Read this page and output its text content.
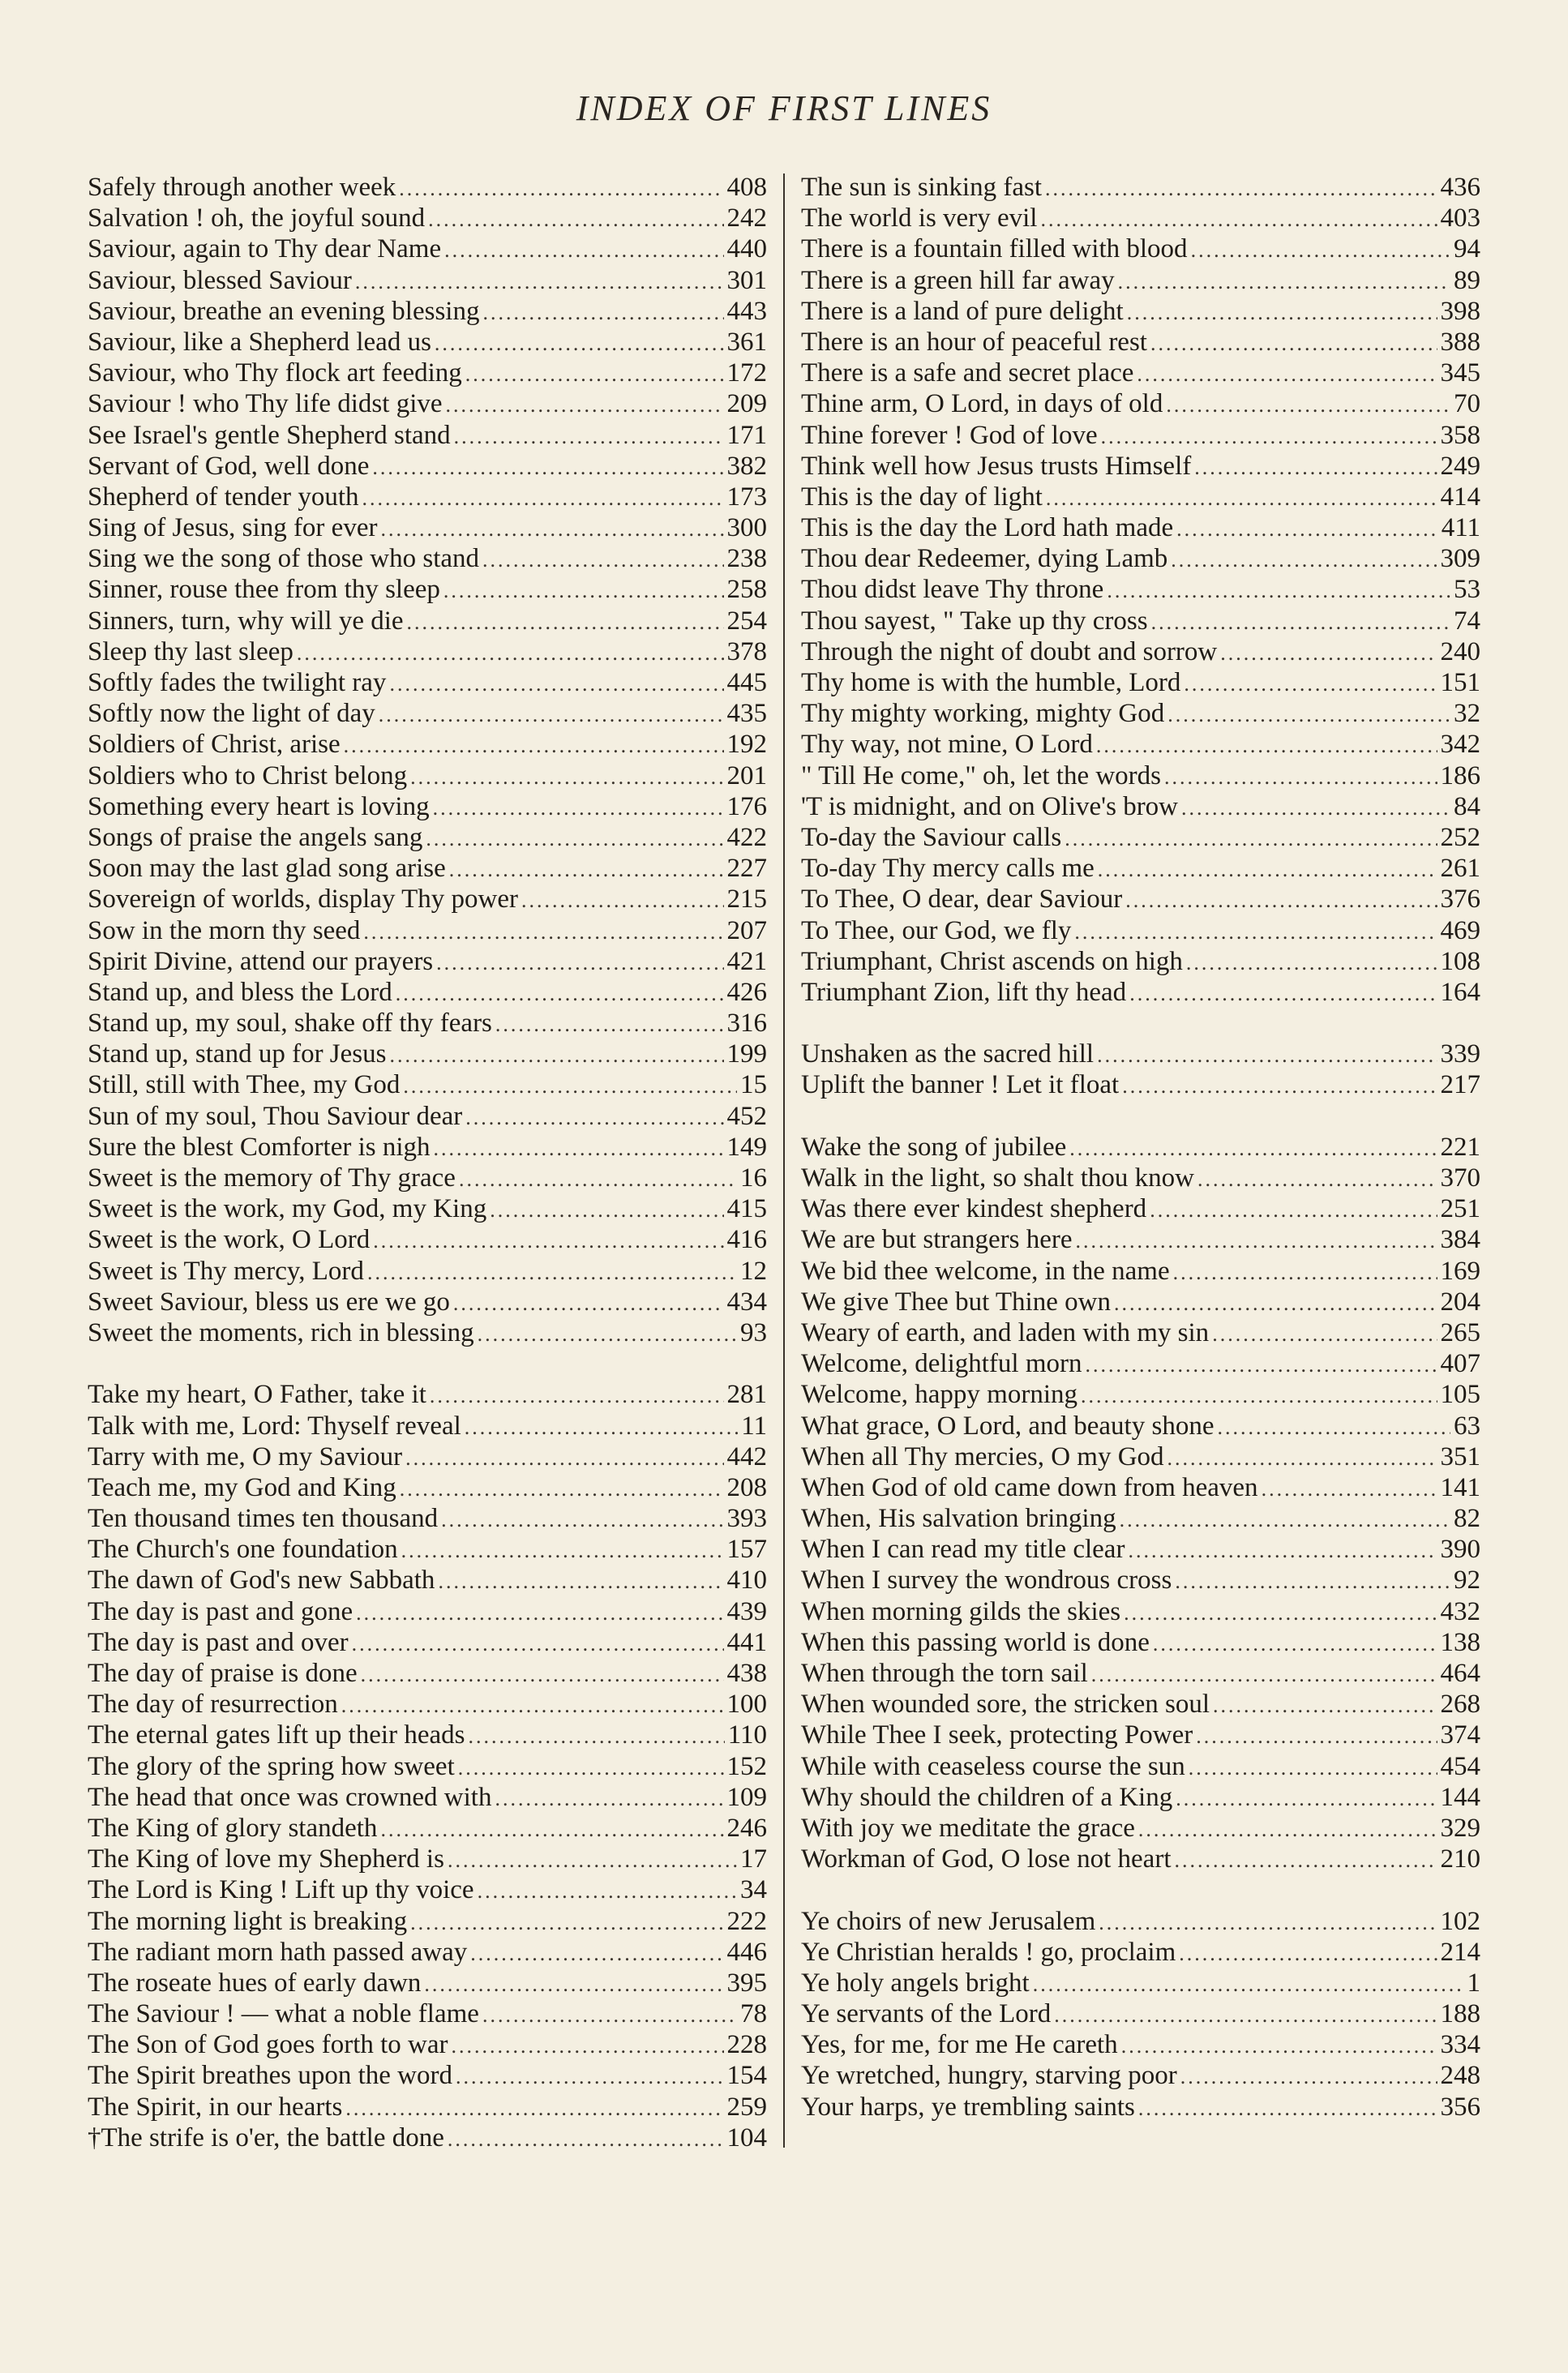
INDEX OF FIRST LINES
Safely through another week .....	408
Salvation ! oh, the joyful sound .....	242
Saviour, again to Thy dear Name .....	440
Saviour, blessed Saviour .....	301
Saviour, breathe an evening blessing .....	443
Saviour, like a Shepherd lead us .....	361
Saviour, who Thy flock art feeding .....	172
Saviour ! who Thy life didst give .....	209
See Israel's gentle Shepherd stand .....	171
Servant of God, well done .....	382
Shepherd of tender youth .....	173
Sing of Jesus, sing for ever .....	300
Sing we the song of those who stand .....	238
Sinner, rouse thee from thy sleep .....	258
Sinners, turn, why will ye die .....	254
Sleep thy last sleep .....	378
Softly fades the twilight ray .....	445
Softly now the light of day .....	435
Soldiers of Christ, arise .....	192
Soldiers who to Christ belong .....	201
Something every heart is loving .....	176
Songs of praise the angels sang .....	422
Soon may the last glad song arise .....	227
Sovereign of worlds, display Thy power .....	215
Sow in the morn thy seed .....	207
Spirit Divine, attend our prayers .....	421
Stand up, and bless the Lord .....	426
Stand up, my soul, shake off thy fears .....	316
Stand up, stand up for Jesus .....	199
Still, still with Thee, my God .....	15
Sun of my soul, Thou Saviour dear .....	452
Sure the blest Comforter is nigh .....	149
Sweet is the memory of Thy grace .....	16
Sweet is the work, my God, my King .....	415
Sweet is the work, O Lord .....	416
Sweet is Thy mercy, Lord .....	12
Sweet Saviour, bless us ere we go .....	434
Sweet the moments, rich in blessing .....	93
Take my heart, O Father, take it .....	281
Talk with me, Lord: Thyself reveal .....	11
Tarry with me, O my Saviour .....	442
Teach me, my God and King .....	208
Ten thousand times ten thousand .....	393
The Church's one foundation .....	157
The dawn of God's new Sabbath .....	410
The day is past and gone .....	439
The day is past and over .....	441
The day of praise is done .....	438
The day of resurrection .....	100
The eternal gates lift up their heads .....	110
The glory of the spring how sweet .....	152
The head that once was crowned with .....	109
The King of glory standeth .....	246
The King of love my Shepherd is .....	17
The Lord is King ! Lift up thy voice .....	34
The morning light is breaking .....	222
The radiant morn hath passed away .....	446
The roseate hues of early dawn .....	395
The Saviour ! — what a noble flame .....	78
The Son of God goes forth to war .....	228
The Spirit breathes upon the word .....	154
The Spirit, in our hearts .....	259
†The strife is o'er, the battle done .....	104
The sun is sinking fast .....	436
The world is very evil .....	403
There is a fountain filled with blood .....	94
There is a green hill far away .....	89
There is a land of pure delight .....	398
There is an hour of peaceful rest .....	388
There is a safe and secret place .....	345
Thine arm, O Lord, in days of old .....	70
Thine forever ! God of love .....	358
Think well how Jesus trusts Himself .....	249
This is the day of light .....	414
This is the day the Lord hath made .....	411
Thou dear Redeemer, dying Lamb .....	309
Thou didst leave Thy throne .....	53
Thou sayest, " Take up thy cross .....	74
Through the night of doubt and sorrow .....	240
Thy home is with the humble, Lord .....	151
Thy mighty working, mighty God .....	32
Thy way, not mine, O Lord .....	342
" Till He come," oh, let the words .....	186
'T is midnight, and on Olive's brow .....	84
To-day the Saviour calls .....	252
To-day Thy mercy calls me .....	261
To Thee, O dear, dear Saviour .....	376
To Thee, our God, we fly .....	469
Triumphant, Christ ascends on high .....	108
Triumphant Zion, lift thy head .....	164
Unshaken as the sacred hill .....	339
Uplift the banner ! Let it float .....	217
Wake the song of jubilee .....	221
Walk in the light, so shalt thou know .....	370
Was there ever kindest shepherd .....	251
We are but strangers here .....	384
We bid thee welcome, in the name .....	169
We give Thee but Thine own .....	204
Weary of earth, and laden with my sin .....	265
Welcome, delightful morn .....	407
Welcome, happy morning .....	105
What grace, O Lord, and beauty shone .....	63
When all Thy mercies, O my God .....	351
When God of old came down from heaven .....	141
When, His salvation bringing .....	82
When I can read my title clear .....	390
When I survey the wondrous cross .....	92
When morning gilds the skies .....	432
When this passing world is done .....	138
When through the torn sail .....	464
When wounded sore, the stricken soul .....	268
While Thee I seek, protecting Power .....	374
While with ceaseless course the sun .....	454
Why should the children of a King .....	144
With joy we meditate the grace .....	329
Workman of God, O lose not heart .....	210
Ye choirs of new Jerusalem .....	102
Ye Christian heralds ! go, proclaim .....	214
Ye holy angels bright .....	1
Ye servants of the Lord .....	188
Yes, for me, for me He careth .....	334
Ye wretched, hungry, starving poor .....	248
Your harps, ye trembling saints .....	356
